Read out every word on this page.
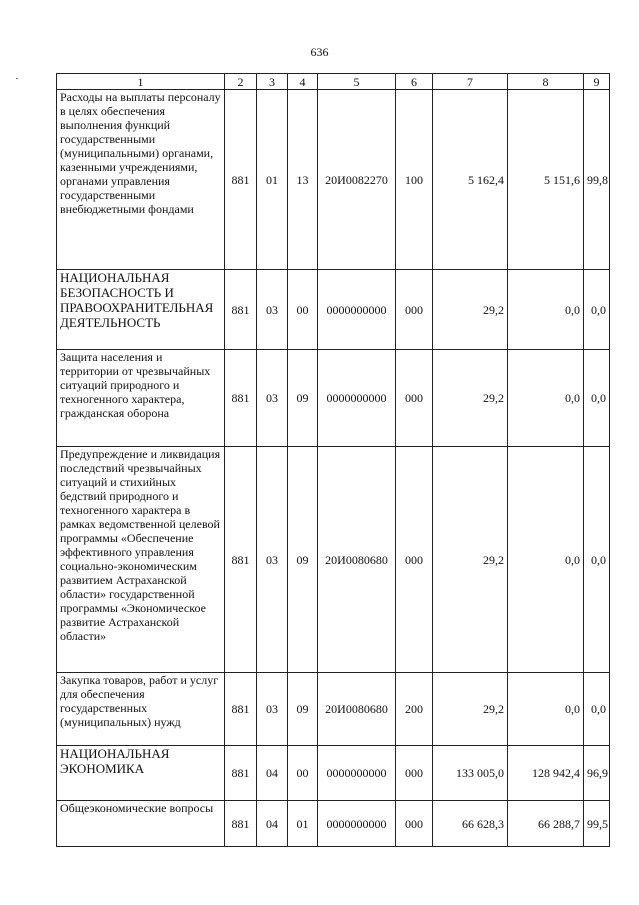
636
1	2	3	4	5	6	7	8	9
Расходы на выплаты персоналу в целях обеспечения выполнения функций государственными (муниципальными) органами, казенными учреждениями, органами управления государственными внебюджетными фондами	881	01	13	20И0082270	100	5 162,4	5 151,6	99,8
НАЦИОНАЛЬНАЯ БЕЗОПАСНОСТЬ И ПРАВООХРАНИТЕЛЬНАЯ ДЕЯТЕЛЬНОСТЬ	881	03	00	0000000000	000	29,2	0,0	0,0
Защита населения и территории от чрезвычайных ситуаций природного и техногенного характера, гражданская оборона	881	03	09	0000000000	000	29,2	0,0	0,0
Предупреждение и ликвидация последствий чрезвычайных ситуаций и стихийных бедствий природного и техногенного характера в рамках ведомственной целевой программы «Обеспечение эффективного управления социально-экономическим развитием Астраханской области» государственной программы «Экономическое развитие Астраханской области»	881	03	09	20И0080680	000	29,2	0,0	0,0
Закупка товаров, работ и услуг для обеспечения государственных (муниципальных) нужд	881	03	09	20И0080680	200	29,2	0,0	0,0
НАЦИОНАЛЬНАЯ ЭКОНОМИКА	881	04	00	0000000000	000	133 005,0	128 942,4	96,9
Общеэкономические вопросы	881	04	01	0000000000	000	66 628,3	66 288,7	99,5
